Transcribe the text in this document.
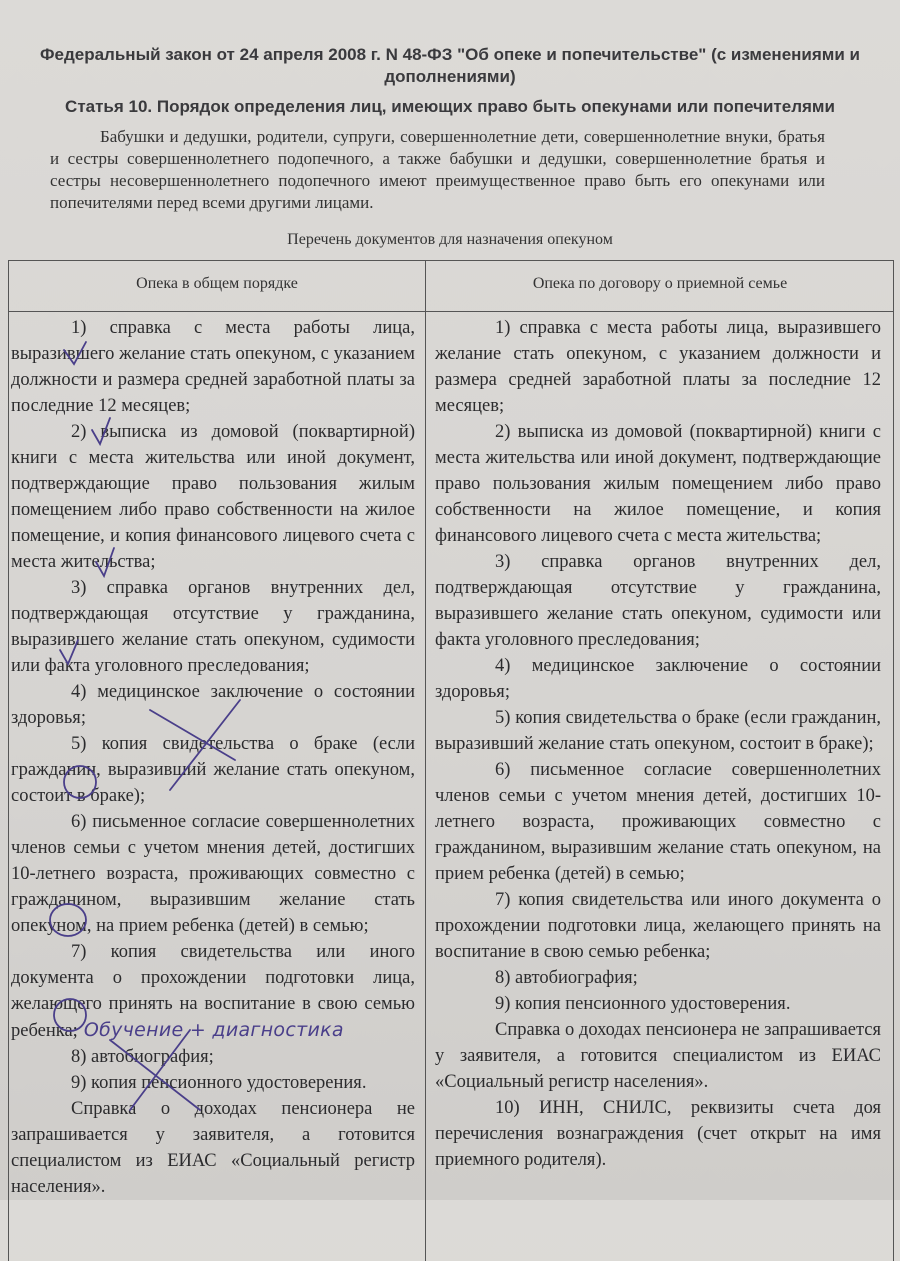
Федеральный закон от 24 апреля 2008 г. N 48-ФЗ "Об опеке и попечительстве" (с изменениями и дополнениями)
Статья 10. Порядок определения лиц, имеющих право быть опекунами или попечителями
Бабушки и дедушки, родители, супруги, совершеннолетние дети, совершеннолетние внуки, братья и сестры совершеннолетнего подопечного, а также бабушки и дедушки, совершеннолетние братья и сестры несовершеннолетнего подопечного имеют преимущественное право быть его опекунами или попечителями перед всеми другими лицами.
Перечень документов для назначения опекуном
Опека в общем порядке	Опека по договору о приемной семье

1) справка с места работы лица, выразившего желание стать опекуном, с указанием должности и размера средней заработной платы за последние 12 месяцев;

2) выписка из домовой (поквартирной) книги с места жительства или иной документ, подтверждающие право пользования жилым помещением либо право собственности на жилое помещение, и копия финансового лицевого счета с места жительства;

3) справка органов внутренних дел, подтверждающая отсутствие у гражданина, выразившего желание стать опекуном, судимости или факта уголовного преследования;

4) медицинское заключение о состоянии здоровья;

5) копия свидетельства о браке (если гражданин, выразивший желание стать опекуном, состоит в браке);

6) письменное согласие совершеннолетних членов семьи с учетом мнения детей, достигших 10-летнего возраста, проживающих совместно с гражданином, выразившим желание стать опекуном, на прием ребенка (детей) в семью;

7) копия свидетельства или иного документа о прохождении подготовки лица, желающего принять на воспитание в свою семью ребенка; Обучение + диагностика

8) автобиография;

9) копия пенсионного удостоверения.

Справка о доходах пенсионера не запрашивается у заявителя, а готовится специалистом из ЕИАС «Социальный регистр населения».

1) справка с места работы лица, выразившего желание стать опекуном, с указанием должности и размера средней заработной платы за последние 12 месяцев;

2) выписка из домовой (поквартирной) книги с места жительства или иной документ, подтверждающие право пользования жилым помещением либо право собственности на жилое помещение, и копия финансового лицевого счета с места жительства;

3) справка органов внутренних дел, подтверждающая отсутствие у гражданина, выразившего желание стать опекуном, судимости или факта уголовного преследования;

4) медицинское заключение о состоянии здоровья;

5) копия свидетельства о браке (если гражданин, выразивший желание стать опекуном, состоит в браке);

6) письменное согласие совершеннолетних членов семьи с учетом мнения детей, достигших 10-летнего возраста, проживающих совместно с гражданином, выразившим желание стать опекуном, на прием ребенка (детей) в семью;

7) копия свидетельства или иного документа о прохождении подготовки лица, желающего принять на воспитание в свою семью ребенка;

8) автобиография;

9) копия пенсионного удостоверения.

Справка о доходах пенсионера не запрашивается у заявителя, а готовится специалистом из ЕИАС «Социальный регистр населения».

10) ИНН, СНИЛС, реквизиты счета доя перечисления вознаграждения (счет открыт на имя приемного родителя).
